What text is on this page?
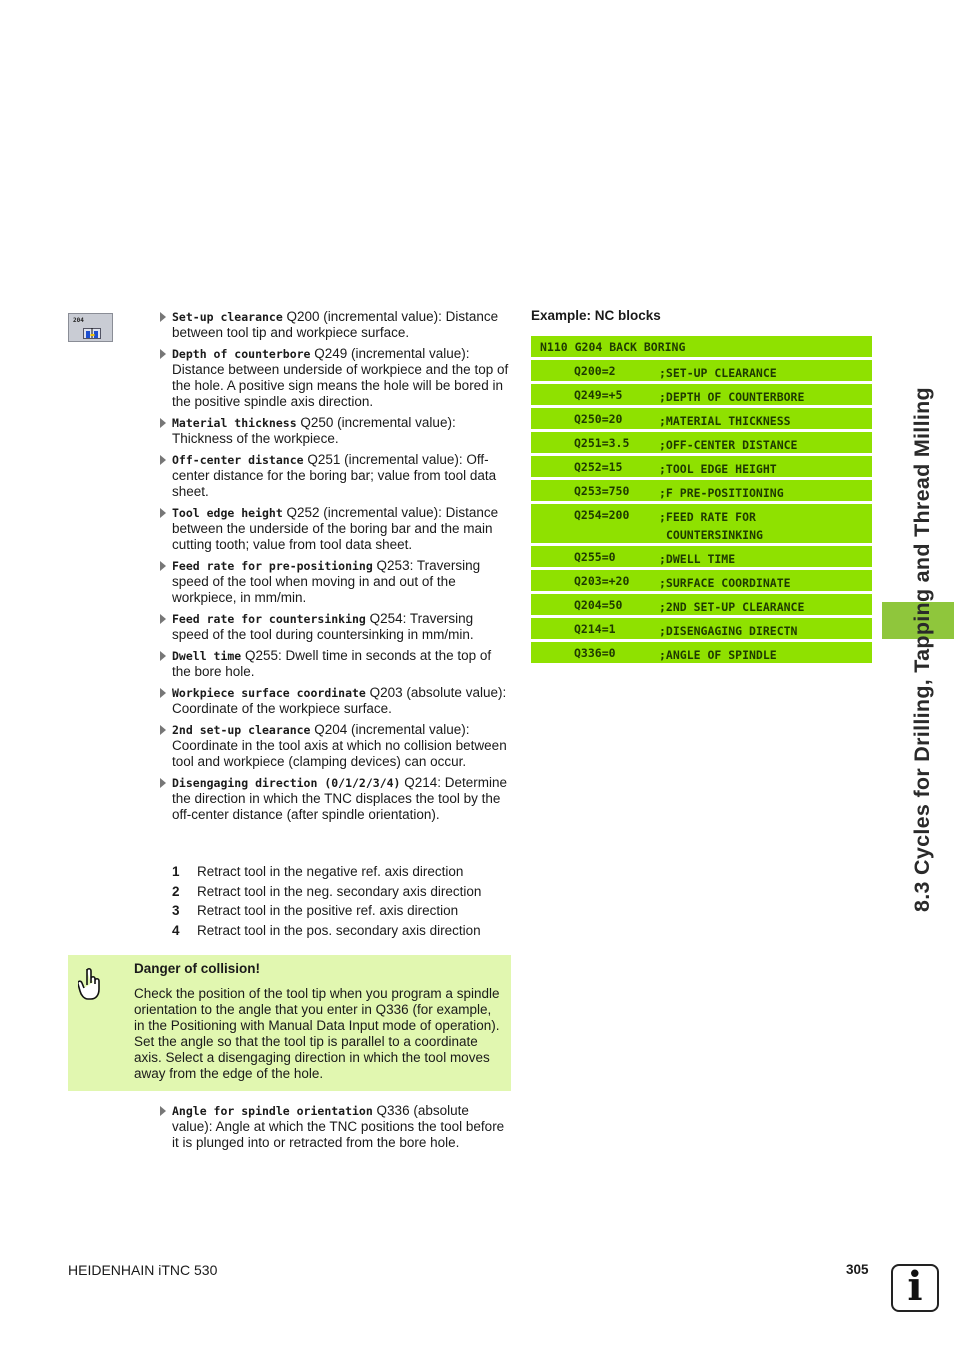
204	Set-up clearance Q200 (incremental value): Distance between tool tip and workpiece surface.
Depth of counterbore Q249 (incremental value): Distance between underside of workpiece and the top of the hole. A positive sign means the hole will be bored in the positive spindle axis direction.
Material thickness Q250 (incremental value): Thickness of the workpiece.
Off-center distance Q251 (incremental value): Off-center distance for the boring bar; value from tool data sheet.
Tool edge height Q252 (incremental value): Distance between the underside of the boring bar and the main cutting tooth; value from tool data sheet.
Feed rate for pre-positioning Q253: Traversing speed of the tool when moving in and out of the workpiece, in mm/min.
Feed rate for countersinking Q254: Traversing speed of the tool during countersinking in mm/min.
Dwell time Q255: Dwell time in seconds at the top of the bore hole.
Workpiece surface coordinate Q203 (absolute value): Coordinate of the workpiece surface.
2nd set-up clearance Q204 (incremental value): Coordinate in the tool axis at which no collision between tool and workpiece (clamping devices) can occur.
Disengaging direction (0/1/2/3/4) Q214: Determine the direction in which the TNC displaces the tool by the off-center distance (after spindle orientation).
1	Retract tool in the negative ref. axis direction
2	Retract tool in the neg. secondary axis direction
3	Retract tool in the positive ref. axis direction
4	Retract tool in the pos. secondary axis direction
Danger of collision!
Check the position of the tool tip when you program a spindle orientation to the angle that you enter in Q336 (for example, in the Positioning with Manual Data Input mode of operation). Set the angle so that the tool tip is parallel to a coordinate axis. Select a disengaging direction in which the tool moves away from the edge of the hole.
Angle for spindle orientation Q336 (absolute value): Angle at which the TNC positions the tool before it is plunged into or retracted from the bore hole.
Example: NC blocks
N110 G204 BACK BORING
Q200=2	;SET-UP CLEARANCE
Q249=+5	;DEPTH OF COUNTERBORE
Q250=20	;MATERIAL THICKNESS
Q251=3.5	;OFF-CENTER DISTANCE
Q252=15	;TOOL EDGE HEIGHT
Q253=750	;F PRE-POSITIONING
Q254=200	;FEED RATE FOR
COUNTERSINKING
Q255=0	;DWELL TIME
Q203=+20	;SURFACE COORDINATE
Q204=50	;2ND SET-UP CLEARANCE
Q214=1	;DISENGAGING DIRECTN
Q336=0	;ANGLE OF SPINDLE	8.3 Cycles for Drilling, Tapping and Thread Milling
HEIDENHAIN iTNC 530	305 i
